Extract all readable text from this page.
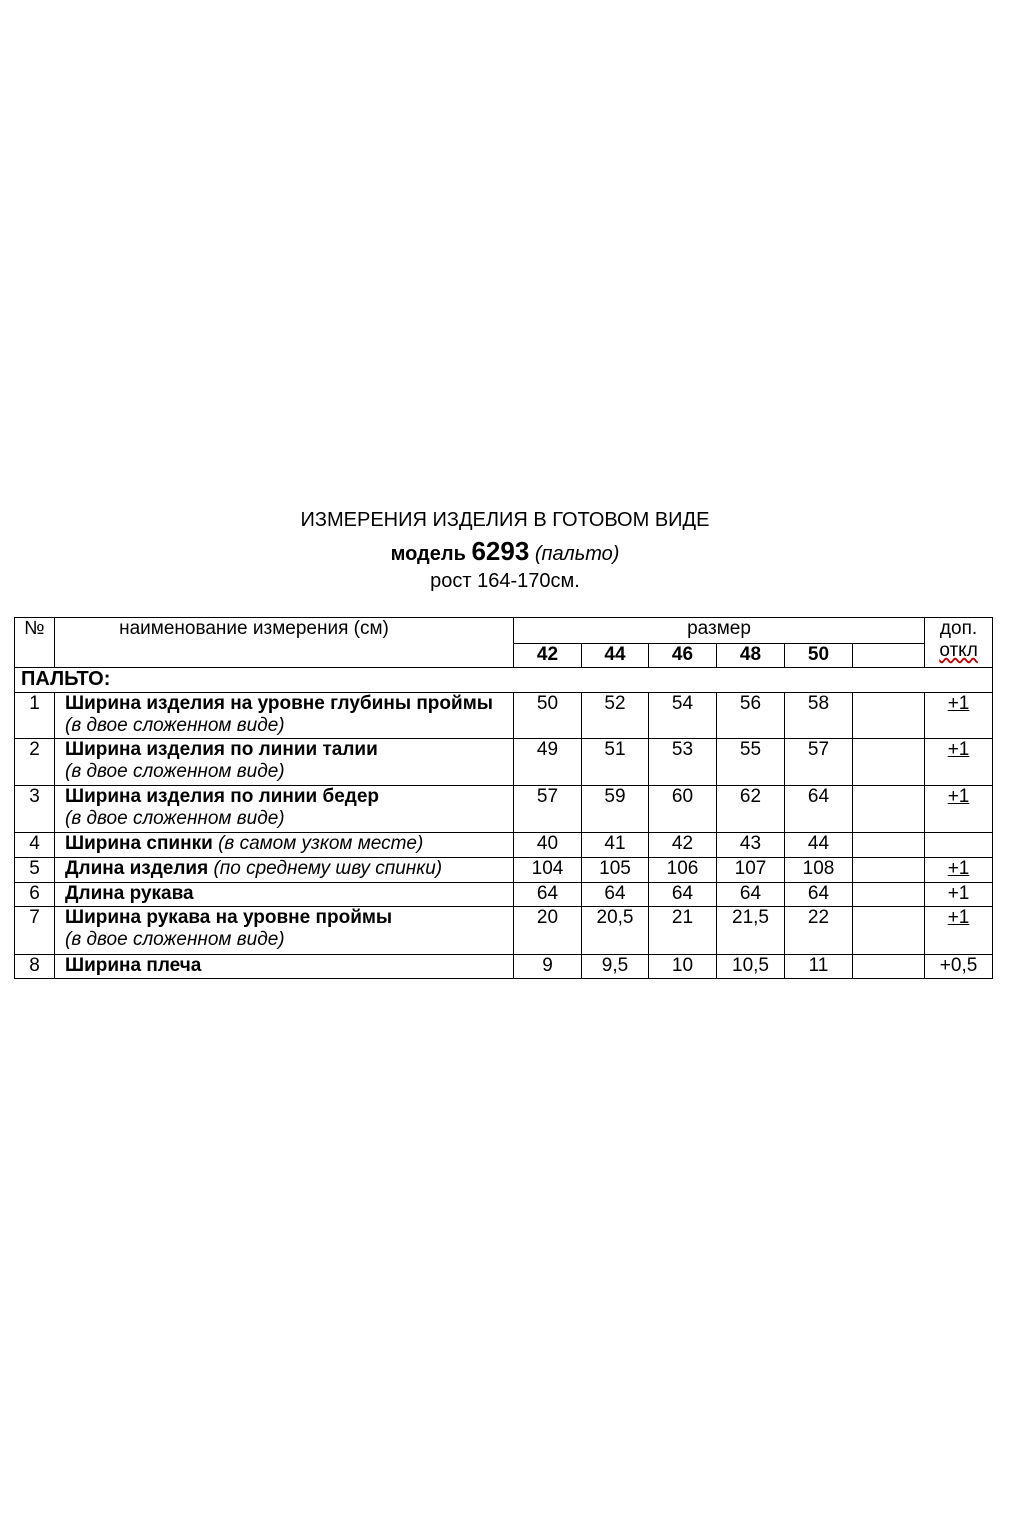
ИЗМЕРЕНИЯ ИЗДЕЛИЯ В ГОТОВОМ ВИДЕ
модель 6293 (пальто)
рост 164-170см.
№	наименование измерения (см)	размер						доп.
откл

		42	44	46	48	50		
ПАЛЬТО:								
1	Ширина изделия на уровне глубины проймы
(в двое сложенном виде)	50	52	54	56	58		+1
2	Ширина изделия по линии талии
(в двое сложенном виде)	49	51	53	55	57		+1
3	Ширина изделия по линии бедер
(в двое сложенном виде)	57	59	60	62	64		+1
4	Ширина спинки (в самом узком месте)	40	41	42	43	44		
5	Длина изделия (по среднему шву спинки)	104	105	106	107	108		+1
6	Длина рукава	64	64	64	64	64		+1
7	Ширина рукава на уровне проймы
(в двое сложенном виде)	20	20,5	21	21,5	22		+1
8	Ширина плеча	9	9,5	10	10,5	11		+0,5
